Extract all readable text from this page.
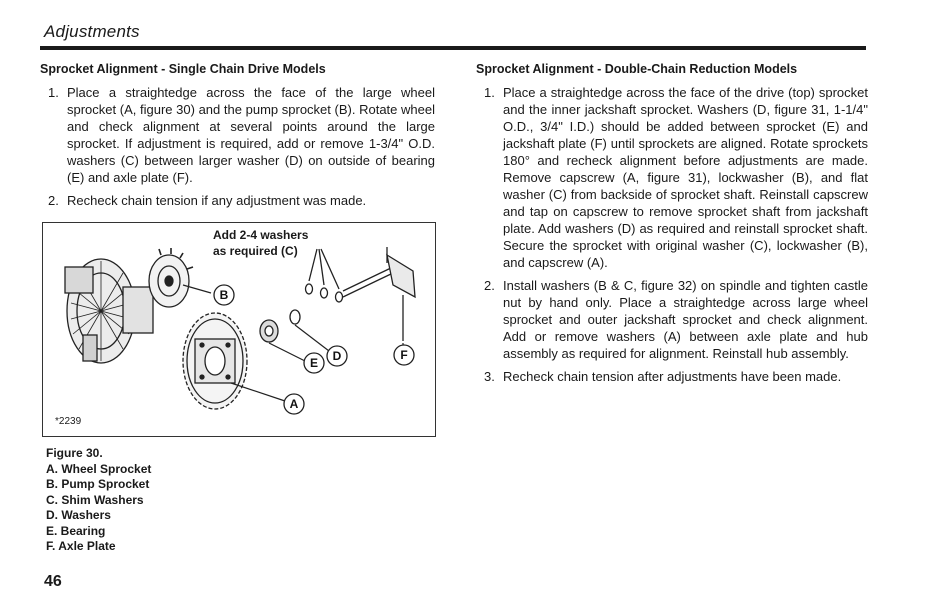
Adjustments
Sprocket Alignment - Single Chain Drive Models
1. Place a straightedge across the face of the large wheel sprocket (A, figure 30) and the pump sprocket (B). Rotate wheel and check alignment at several points around the large sprocket. If adjustment is required, add or remove 1-3/4" O.D. washers (C) between larger washer (D) on outside of bearing (E) and axle plate (F).
2. Recheck chain tension if any adjustment was made.
B
A
E D	F
Add 2-4 washers
as required (C)
*2239
Figure 30.
A. Wheel Sprocket
B. Pump Sprocket
C. Shim Washers
D. Washers
E. Bearing
F. Axle Plate
Sprocket Alignment - Double-Chain Reduction Models
1. Place a straightedge across the face of the drive (top) sprocket and the inner jackshaft sprocket. Washers (D, figure 31, 1-1/4" O.D., 3/4" I.D.) should be added between sprocket (E) and jackshaft plate (F) until sprockets are aligned. Rotate sprockets 180° and recheck alignment before adjustments are made. Remove capscrew (A, figure 31), lockwasher (B), and flat washer (C) from backside of sprocket shaft. Reinstall capscrew and tap on capscrew to remove sprocket shaft from jackshaft plate. Add washers (D) as required and reinstall sprocket shaft. Secure the sprocket with original washer (C), lockwasher (B), and capscrew (A).
2. Install washers (B & C, figure 32) on spindle and tighten castle nut by hand only. Place a straightedge across large wheel sprocket and outer jackshaft sprocket and check alignment. Add or remove washers (A) between axle plate and hub assembly as required for alignment. Reinstall hub assembly.
3. Recheck chain tension after adjustments have been made.
46
